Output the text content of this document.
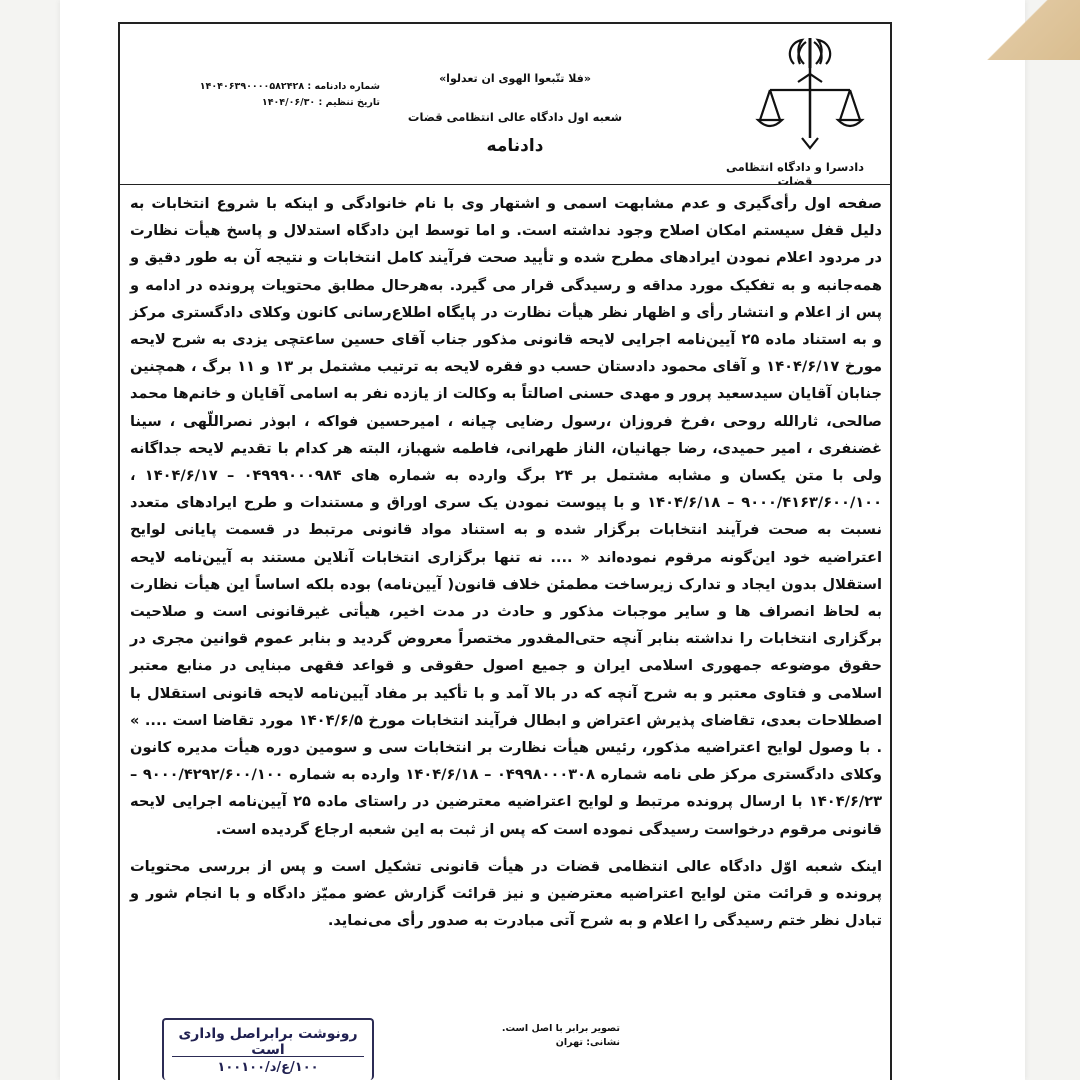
دادسرا و دادگاه انتظامی قضات
«فلا تتّبعوا الهوی ان تعدلوا»
شعبه اول دادگاه عالی انتظامی قضات
دادنامه
شماره دادنامه : ۱۴۰۴۰۶۳۹۰۰۰۰۵۸۲۴۲۸
تاریخ تنظیم : ۱۴۰۴/۰۶/۳۰

صفحه اول رأی‌گیری و عدم مشابهت اسمی و اشتهار وی با نام خانوادگی و اینکه با شروع انتخابات به دلیل قفل سیستم امکان اصلاح وجود نداشته است. و اما توسط این دادگاه استدلال و پاسخ هیأت نظارت در مردود اعلام نمودن ایرادهای مطرح شده و تأیید صحت فرآیند کامل انتخابات و نتیجه آن به طور دقیق و همه‌جانبه و به تفکیک مورد مداقه و رسیدگی قرار می گیرد. به‌هرحال مطابق محتویات پرونده در ادامه و پس از اعلام و انتشار رأی و اظهار نظر هیأت نظارت در پایگاه اطلاع‌رسانی کانون وکلای دادگستری مرکز و به استناد ماده ۲۵ آیین‌نامه اجرایی لایحه قانونی مذکور جناب آقای حسین ساعتچی یزدی به شرح لایحه مورخ ۱۴۰۴/۶/۱۷ و آقای محمود دادستان حسب دو فقره لایحه به ترتیب مشتمل بر ۱۳ و ۱۱ برگ ، همچنین جنابان آقایان سیدسعید پرور و مهدی حسنی اصالتاً به وکالت از یازده نفر به اسامی آقایان و خانم‌ها محمد صالحی، ثارالله روحی ،فرخ فروزان ،رسول رضایی چیانه ، امیرحسین فواکه ، ابوذر نصراللّهی ، سینا غضنفری ، امیر حمیدی، رضا جهانیان، الناز طهرانی، فاطمه شهباز، البته هر کدام با تقدیم لایحه جداگانه ولی با متن یکسان و مشابه مشتمل بر ۲۴ برگ وارده به شماره های ۰۴۹۹۹۰۰۰۹۸۴ – ۱۴۰۴/۶/۱۷ ، ۹۰۰۰/۴۱۶۳/۶۰۰/۱۰۰ – ۱۴۰۴/۶/۱۸ و با پیوست نمودن یک سری اوراق و مستندات و طرح ایرادهای متعدد نسبت به صحت فرآیند انتخابات برگزار شده و به استناد مواد قانونی مرتبط در قسمت پایانی لوایح اعتراضیه خود این‌گونه مرقوم نموده‌اند « .... نه تنها برگزاری انتخابات آنلاین مستند به آیین‌نامه لایحه استقلال بدون ایجاد و تدارک زیرساخت مطمئن خلاف قانون( آیین‌نامه) بوده بلکه اساساً این هیأت نظارت به لحاظ انصراف ها و سایر موجبات مذکور و حادث در مدت اخیر، هیأتی غیرقانونی است و صلاحیت برگزاری انتخابات را نداشته بنابر آنچه حتی‌المقدور مختصراً معروض گردید و بنابر عموم قوانین مجری در حقوق موضوعه جمهوری اسلامی ایران و جمیع اصول حقوقی و قواعد فقهی مبنایی در منابع معتبر اسلامی و فتاوی معتبر و به شرح آنچه که در بالا آمد و با تأکید بر مفاد آیین‌نامه لایحه قانونی استقلال با اصطلاحات بعدی، تقاضای پذیرش اعتراض و ابطال فرآیند انتخابات مورخ ۱۴۰۴/۶/۵ مورد تقاضا است .... » . با وصول لوایح اعتراضیه مذکور، رئیس هیأت نظارت بر انتخابات سی و سومین دوره هیأت مدیره کانون وکلای دادگستری مرکز طی نامه شماره ۰۴۹۹۸۰۰۰۳۰۸ – ۱۴۰۴/۶/۱۸ وارده به شماره ۹۰۰۰/۴۲۹۲/۶۰۰/۱۰۰ – ۱۴۰۴/۶/۲۳ با ارسال پرونده مرتبط و لوایح اعتراضیه معترضین در راستای ماده ۲۵ آیین‌نامه اجرایی لایحه قانونی مرقوم درخواست رسیدگی نموده است که پس از ثبت به این شعبه ارجاع گردیده است.

اینک شعبه اوّل دادگاه عالی انتظامی قضات در هیأت قانونی تشکیل است و پس از بررسی محتویات پرونده و قرائت متن لوایح اعتراضیه معترضین و نیز قرائت گزارش عضو ممیّز دادگاه و با انجام شور و تبادل نظر ختم رسیدگی را اعلام و به شرح آتی مبادرت به صدور رأی می‌نماید.

تصویر برابر با اصل است.
نشانی: تهران
رونوشت برابراصل واداری است
۱۰۰/ع/د/۱۰۰۱۰۰
